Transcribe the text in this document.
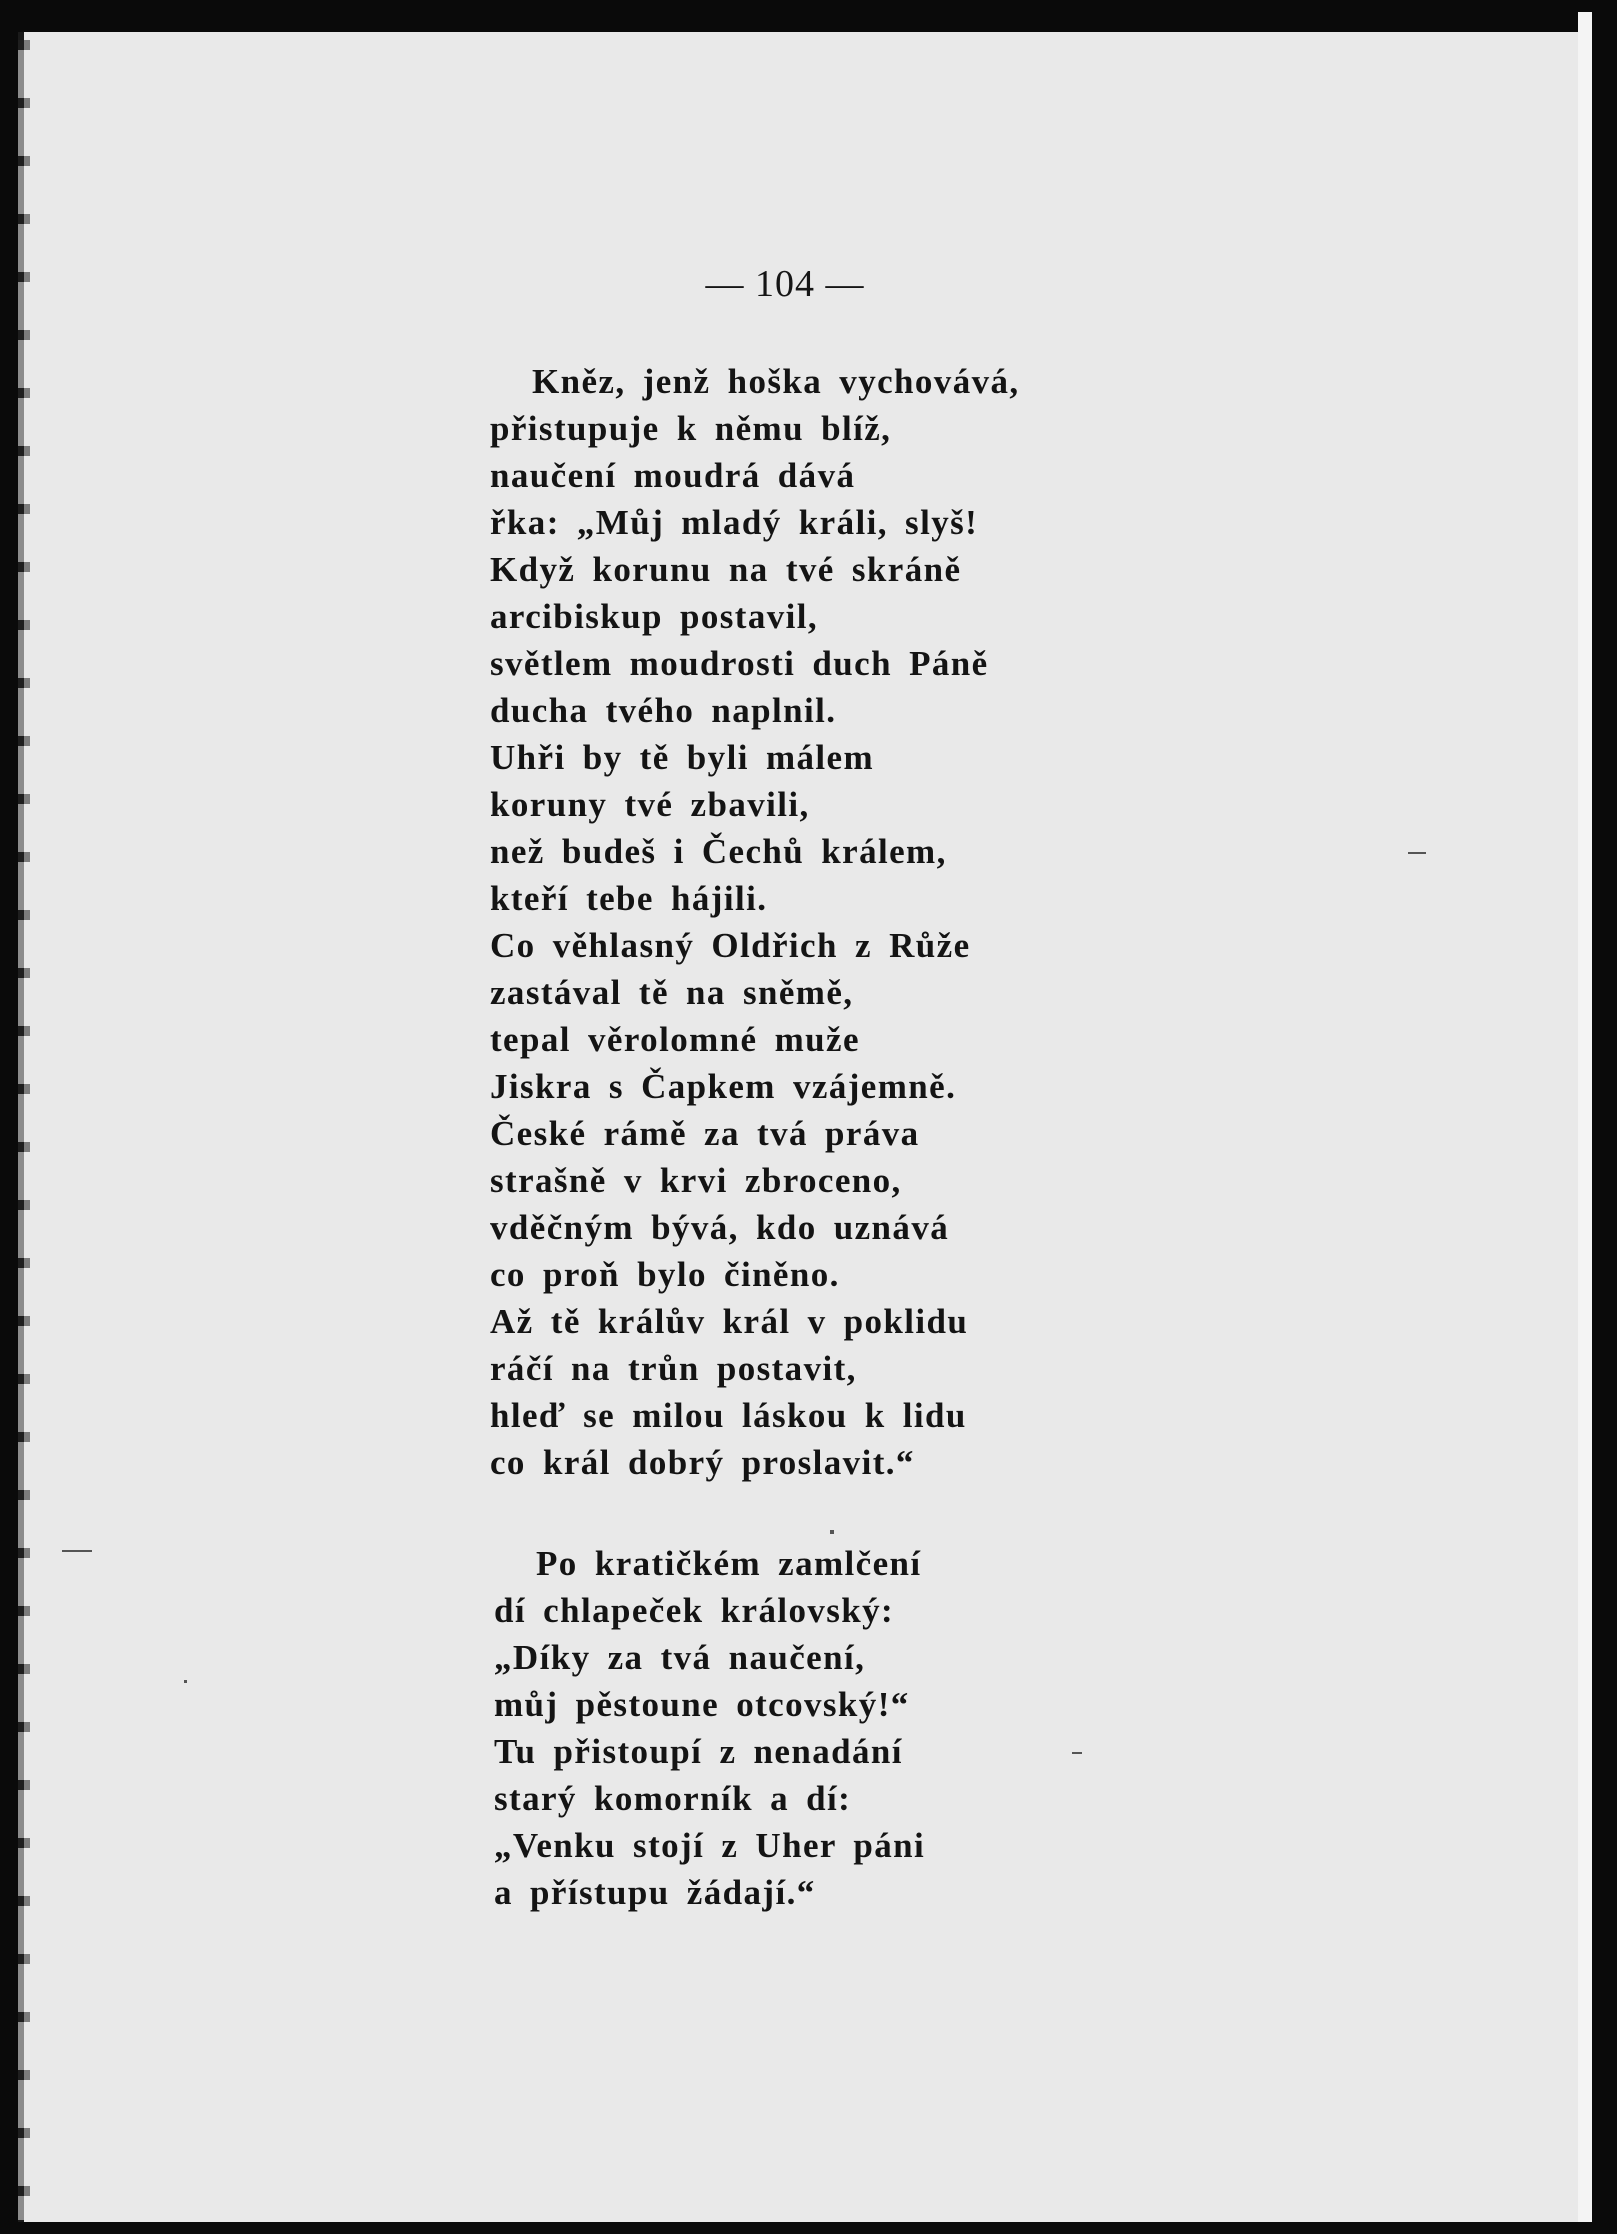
— 104 —
Kněz, jenž hoška vychovává,
přistupuje k němu blíž,
naučení moudrá dává
řka: „Můj mladý králi, slyš!
Když korunu na tvé skráně
arcibiskup postavil,
světlem moudrosti duch Páně
ducha tvého naplnil.
Uhři by tě byli málem
koruny tvé zbavili,
než budeš i Čechů králem,
kteří tebe hájili.
Co věhlasný Oldřich z Růže
zastával tě na sněmě,
tepal věrolomné muže
Jiskra s Čapkem vzájemně.
České rámě za tvá práva
strašně v krvi zbroceno,
vděčným bývá, kdo uznává
co proň bylo činěno.
Až tě králův král v poklidu
ráčí na trůn postavit,
hleď se milou láskou k lidu
co král dobrý proslavit.“
Po kratičkém zamlčení
dí chlapeček královský:
„Díky za tvá naučení,
můj pěstoune otcovský!“
Tu přistoupí z nenadání
starý komorník a dí:
„Venku stojí z Uher páni
a přístupu žádají.“
